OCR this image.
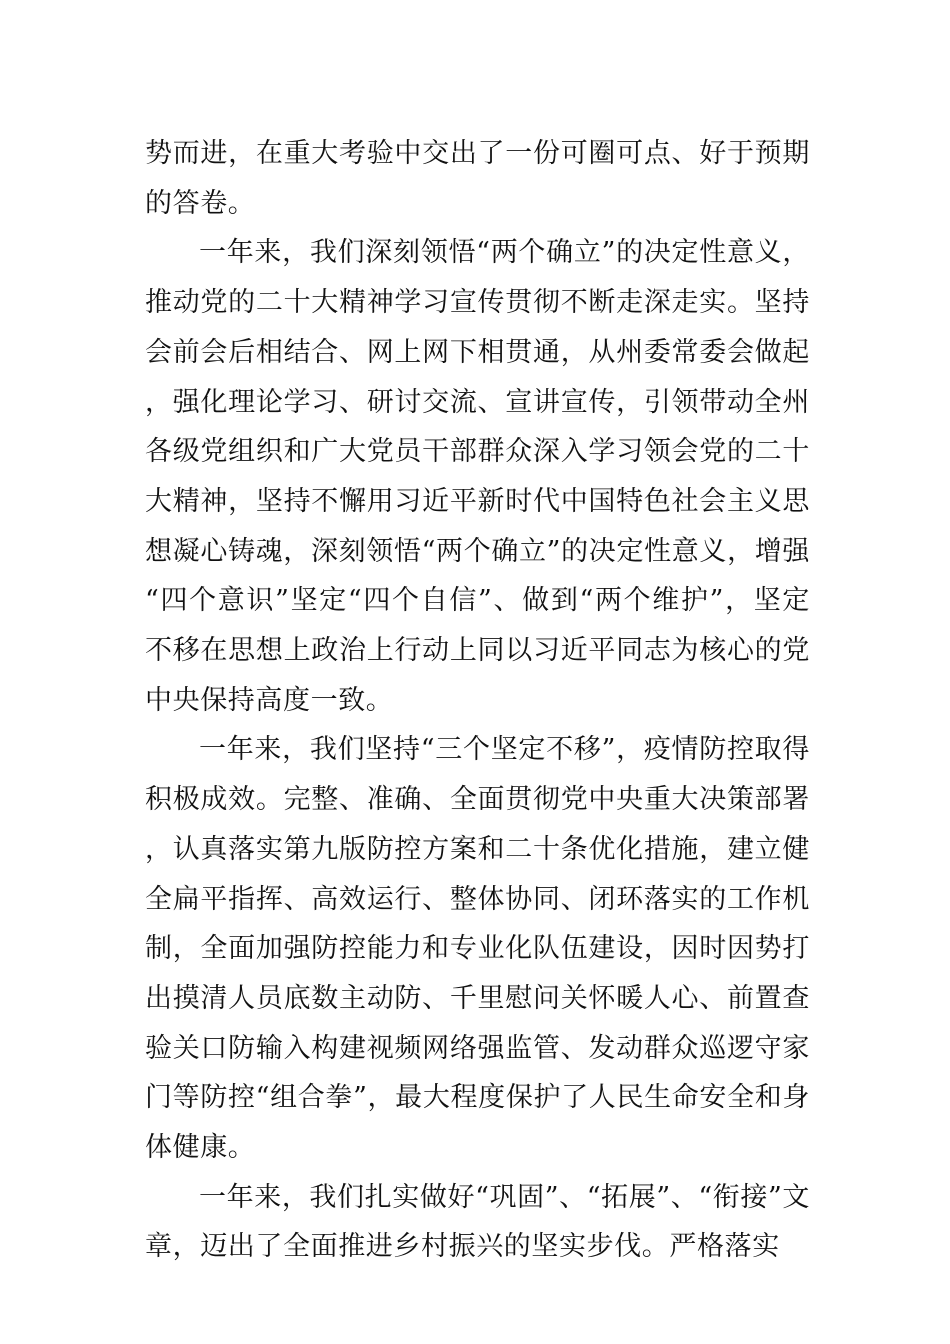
势而进，在重大考验中交出了一份可圈可点、好于预期的答卷。

一年来，我们深刻领悟“两个确立”的决定性意义，推动党的二十大精神学习宣传贯彻不断走深走实。坚持会前会后相结合、网上网下相贯通，从州委常委会做起，强化理论学习、研讨交流、宣讲宣传，引领带动全州各级党组织和广大党员干部群众深入学习领会党的二十大精神，坚持不懈用习近平新时代中国特色社会主义思想凝心铸魂，深刻领悟“两个确立”的决定性意义，增强“四个意识”坚定“四个自信”、做到“两个维护”，坚定不移在思想上政治上行动上同以习近平同志为核心的党中央保持高度一致。

一年来，我们坚持“三个坚定不移”，疫情防控取得积极成效。完整、准确、全面贯彻党中央重大决策部署，认真落实第九版防控方案和二十条优化措施，建立健全扁平指挥、高效运行、整体协同、闭环落实的工作机制，全面加强防控能力和专业化队伍建设，因时因势打出摸清人员底数主动防、千里慰问关怀暖人心、前置查验关口防输入构建视频网络强监管、发动群众巡逻守家门等防控“组合拳”，最大程度保护了人民生命安全和身体健康。

一年来，我们扎实做好“巩固”、“拓展”、“衔接”文章，迈出了全面推进乡村振兴的坚实步伐。严格落实
